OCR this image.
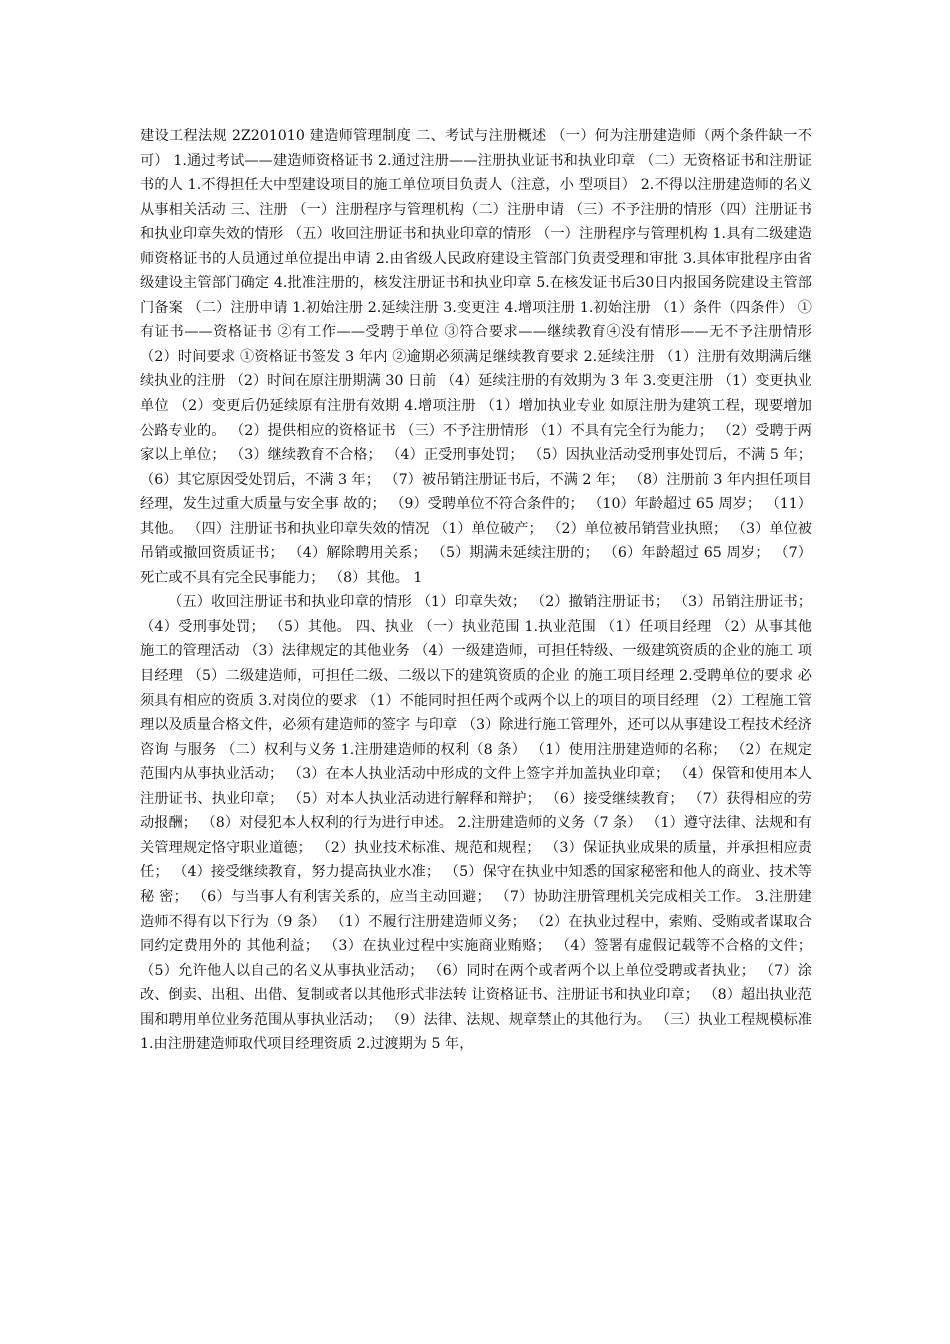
建设工程法规 2Z201010 建造师管理制度 二、考试与注册概述 （一）何为注册建造师（两个条件缺一不可） 1.通过考试——建造师资格证书 2.通过注册——注册执业证书和执业印章 （二）无资格证书和注册证书的人 1.不得担任大中型建设项目的施工单位项目负责人（注意，小 型项目） 2.不得以注册建造师的名义从事相关活动 三、注册 （一）注册程序与管理机构（二）注册申请 （三）不予注册的情形（四）注册证书和执业印章失效的情形 （五）收回注册证书和执业印章的情形 （一）注册程序与管理机构 1.具有二级建造师资格证书的人员通过单位提出申请 2.由省级人民政府建设主管部门负责受理和审批 3.具体审批程序由省级建设主管部门确定 4.批准注册的，核发注册证书和执业印章 5.在核发证书后30日内报国务院建设主管部门备案 （二）注册申请 1.初始注册 2.延续注册 3.变更注 4.增项注册 1.初始注册 （1）条件（四条件） ①有证书——资格证书 ②有工作——受聘于单位 ③符合要求——继续教育④没有情形——无不予注册情形 （2）时间要求 ①资格证书签发 3 年内 ②逾期必须满足继续教育要求 2.延续注册 （1）注册有效期满后继续执业的注册 （2）时间在原注册期满 30 日前 （4）延续注册的有效期为 3 年 3.变更注册 （1）变更执业单位 （2）变更后仍延续原有注册有效期 4.增项注册 （1）增加执业专业 如原注册为建筑工程，现要增加公路专业的。 （2）提供相应的资格证书 （三）不予注册情形 （1）不具有完全行为能力； （2）受聘于两家以上单位； （3）继续教育不合格； （4）正受刑事处罚； （5）因执业活动受刑事处罚后，不满 5 年； （6）其它原因受处罚后，不满 3 年； （7）被吊销注册证书后，不满 2 年； （8）注册前 3 年内担任项目经理，发生过重大质量与安全事 故的； （9）受聘单位不符合条件的； （10）年龄超过 65 周岁； （11）其他。 （四）注册证书和执业印章失效的情况 （1）单位破产； （2）单位被吊销营业执照； （3）单位被吊销或撤回资质证书； （4）解除聘用关系； （5）期满未延续注册的； （6）年龄超过 65 周岁； （7）死亡或不具有完全民事能力； （8）其他。 1

（五）收回注册证书和执业印章的情形 （1）印章失效； （2）撤销注册证书； （3）吊销注册证书； （4）受刑事处罚； （5）其他。 四、执业 （一）执业范围 1.执业范围 （1）任项目经理 （2）从事其他施工的管理活动 （3）法律规定的其他业务 （4）一级建造师，可担任特级、一级建筑资质的企业的施工 项目经理 （5）二级建造师，可担任二级、二级以下的建筑资质的企业 的施工项目经理 2.受聘单位的要求 必须具有相应的资质 3.对岗位的要求 （1）不能同时担任两个或两个以上的项目的项目经理 （2）工程施工管理以及质量合格文件，必须有建造师的签字 与印章 （3）除进行施工管理外，还可以从事建设工程技术经济咨询 与服务 （二）权利与义务 1.注册建造师的权利（8 条） （1）使用注册建造师的名称； （2）在规定范围内从事执业活动； （3）在本人执业活动中形成的文件上签字并加盖执业印章； （4）保管和使用本人注册证书、执业印章； （5）对本人执业活动进行解释和辩护； （6）接受继续教育； （7）获得相应的劳动报酬； （8）对侵犯本人权利的行为进行申述。 2.注册建造师的义务（7 条） （1）遵守法律、法规和有关管理规定恪守职业道德； （2）执业技术标准、规范和规程； （3）保证执业成果的质量，并承担相应责任； （4）接受继续教育，努力提高执业水准； （5）保守在执业中知悉的国家秘密和他人的商业、技术等秘 密； （6）与当事人有利害关系的，应当主动回避； （7）协助注册管理机关完成相关工作。 3.注册建造师不得有以下行为（9 条） （1）不履行注册建造师义务； （2）在执业过程中，索贿、受贿或者谋取合同约定费用外的 其他利益； （3）在执业过程中实施商业贿赂； （4）签署有虚假记载等不合格的文件； （5）允许他人以自己的名义从事执业活动； （6）同时在两个或者两个以上单位受聘或者执业； （7）涂改、倒卖、出租、出借、复制或者以其他形式非法转 让资格证书、注册证书和执业印章； （8）超出执业范围和聘用单位业务范围从事执业活动； （9）法律、法规、规章禁止的其他行为。 （三）执业工程规模标准 1.由注册建造师取代项目经理资质 2.过渡期为 5 年，
